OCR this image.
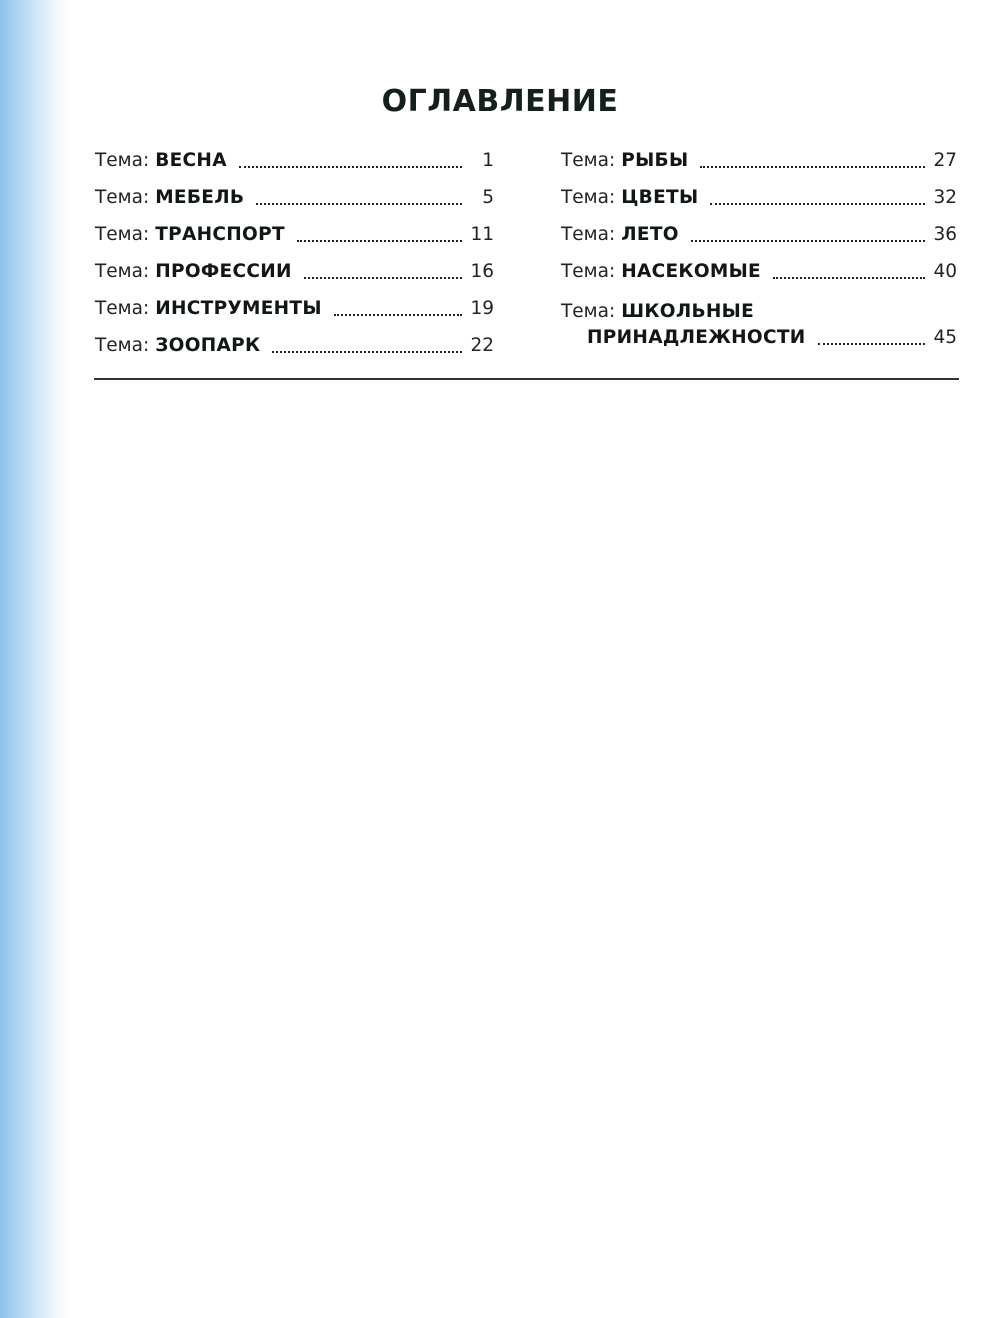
ОГЛАВЛЕНИЕ
Тема: ВЕСНА	1
Тема: МЕБЕЛЬ	5
Тема: ТРАНСПОРТ	11
Тема: ПРОФЕССИИ	16
Тема: ИНСТРУМЕНТЫ	19
Тема: ЗООПАРК	22
Тема: РЫБЫ	27
Тема: ЦВЕТЫ	32
Тема: ЛЕТО	36
Тема: НАСЕКОМЫЕ	40
Тема: ШКОЛЬНЫЕ
ПРИНАДЛЕЖНОСТИ	45
